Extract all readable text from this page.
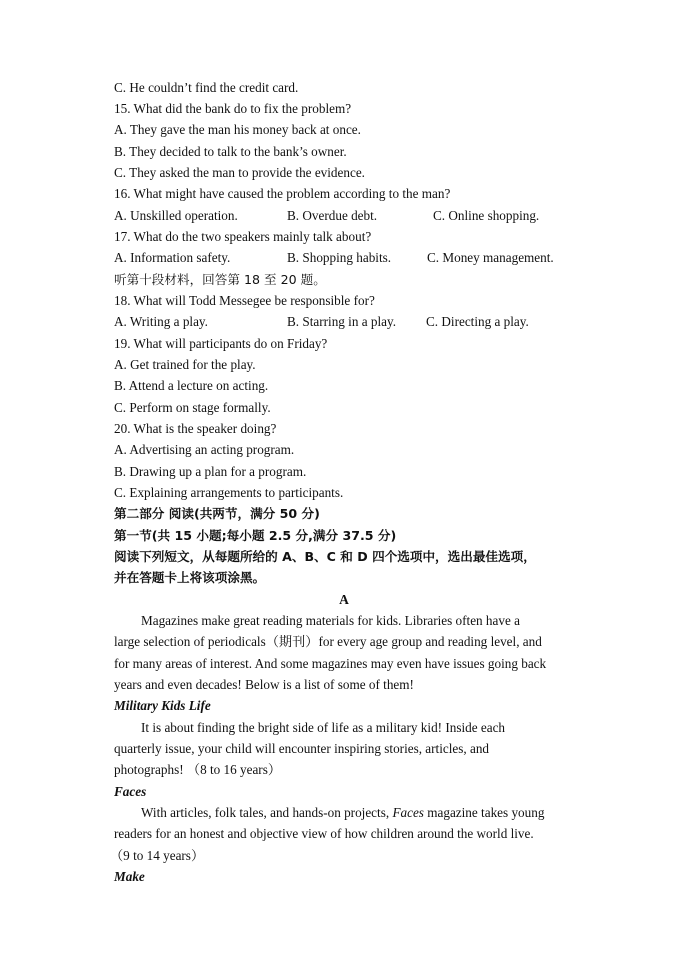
C. He couldn’t find the credit card.
15. What did the bank do to fix the problem?
A. They gave the man his money back at once.
B. They decided to talk to the bank’s owner.
C. They asked the man to provide the evidence.
16. What might have caused the problem according to the man?
A. Unskilled operation.	B. Overdue debt.	C. Online shopping.
17. What do the two speakers mainly talk about?
A. Information safety.	B. Shopping habits.	C. Money management.
听第十段材料，回答第 18 至 20 题。
18. What will Todd Messegee be responsible for?
A. Writing a play.	B. Starring in a play. C. Directing a play.
19. What will participants do on Friday?
A. Get trained for the play.
B. Attend a lecture on acting.
C. Perform on stage formally.
20. What is the speaker doing?
A. Advertising an acting program.
B. Drawing up a plan for a program.
C. Explaining arrangements to participants.
第二部分 阅读(共两节，满分 50 分)
第一节(共 15 小题;每小题 2.5 分,满分 37.5 分)
阅读下列短文，从每题所给的 A、B、C 和 D 四个选项中，选出最佳选项，
并在答题卡上将该项涂黑。
A
Magazines make great reading materials for kids. Libraries often have a
large selection of periodicals（期刊）for every age group and reading level, and
for many areas of interest. And some magazines may even have issues going back
years and even decades! Below is a list of some of them!
Military Kids Life
It is about finding the bright side of life as a military kid! Inside each
quarterly issue, your child will encounter inspiring stories, articles, and
photographs! （8 to 16 years）
Faces
With articles, folk tales, and hands-on projects, Faces magazine takes young
readers for an honest and objective view of how children around the world live.
（9 to 14 years）
Make
